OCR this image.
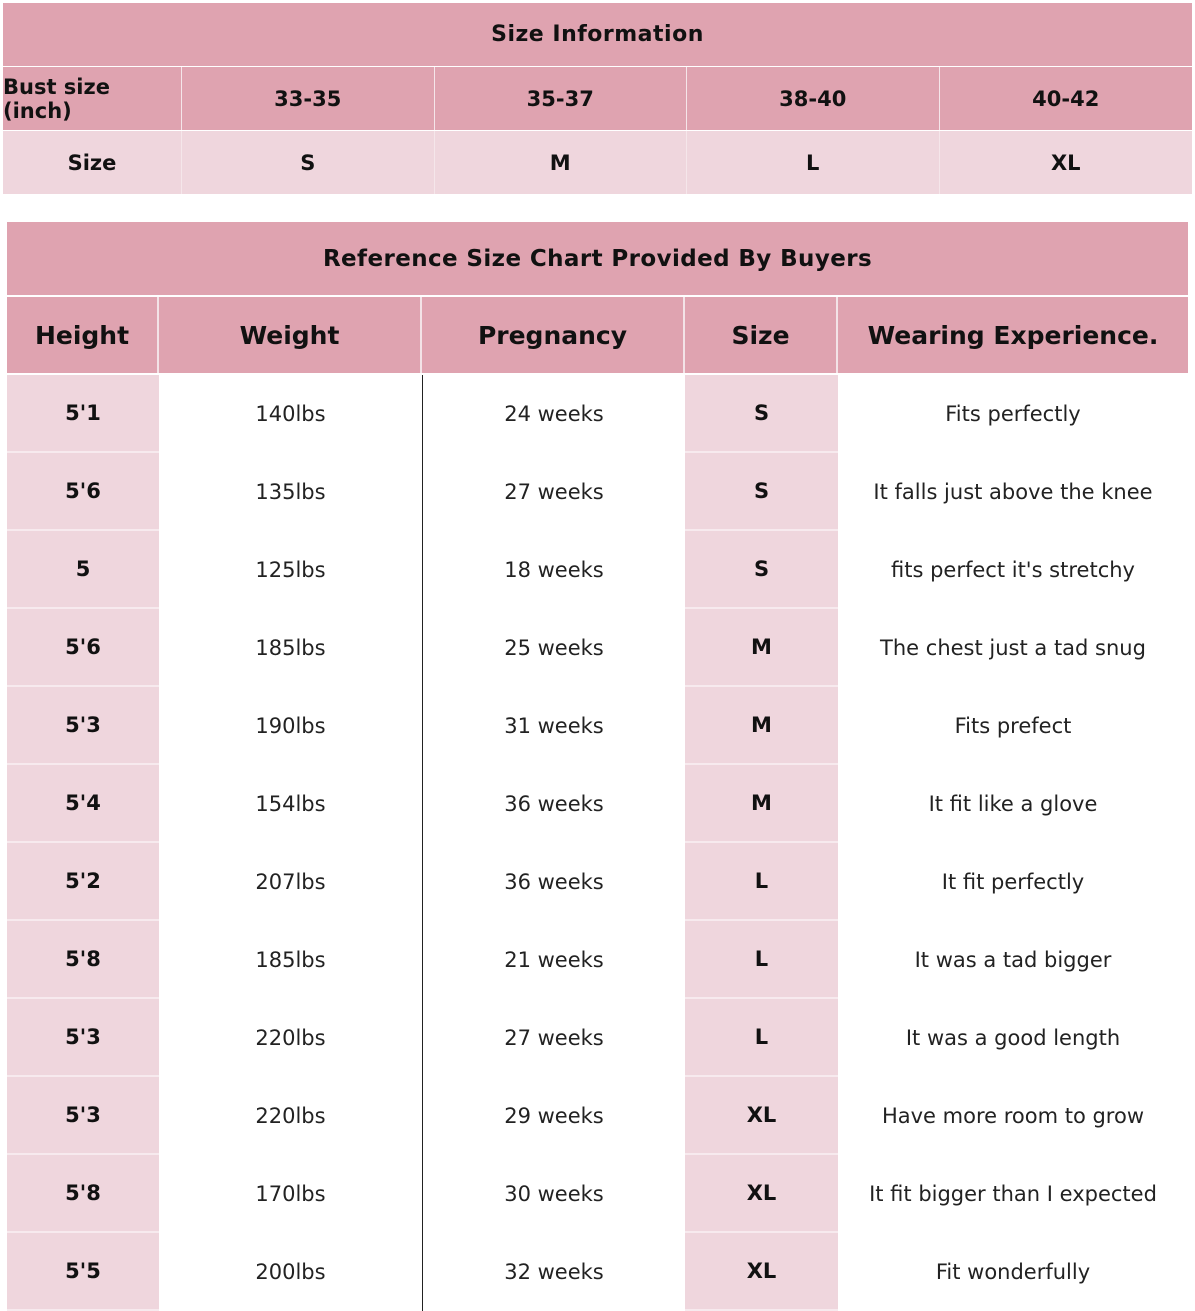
Size Information
Bust size (inch)	33-35	35-37	38-40	40-42
Size	S	M	L	XL
Reference Size Chart Provided By Buyers
Height	Weight	Pregnancy	Size	Wearing Experience.
5'1	140lbs	24 weeks	S	Fits perfectly
5'6	135lbs	27 weeks	S	It falls just above the knee
5	125lbs	18 weeks	S	fits perfect it's stretchy
5'6	185lbs	25 weeks	M	The chest just a tad snug
5'3	190lbs	31 weeks	M	Fits prefect
5'4	154lbs	36 weeks	M	It fit like a glove
5'2	207lbs	36 weeks	L	It fit perfectly
5'8	185lbs	21 weeks	L	It was a tad bigger
5'3	220lbs	27 weeks	L	It was a good length
5'3	220lbs	29 weeks	XL	Have more room to grow
5'8	170lbs	30 weeks	XL	It fit bigger than I expected
5'5	200lbs	32 weeks	XL	Fit wonderfully
